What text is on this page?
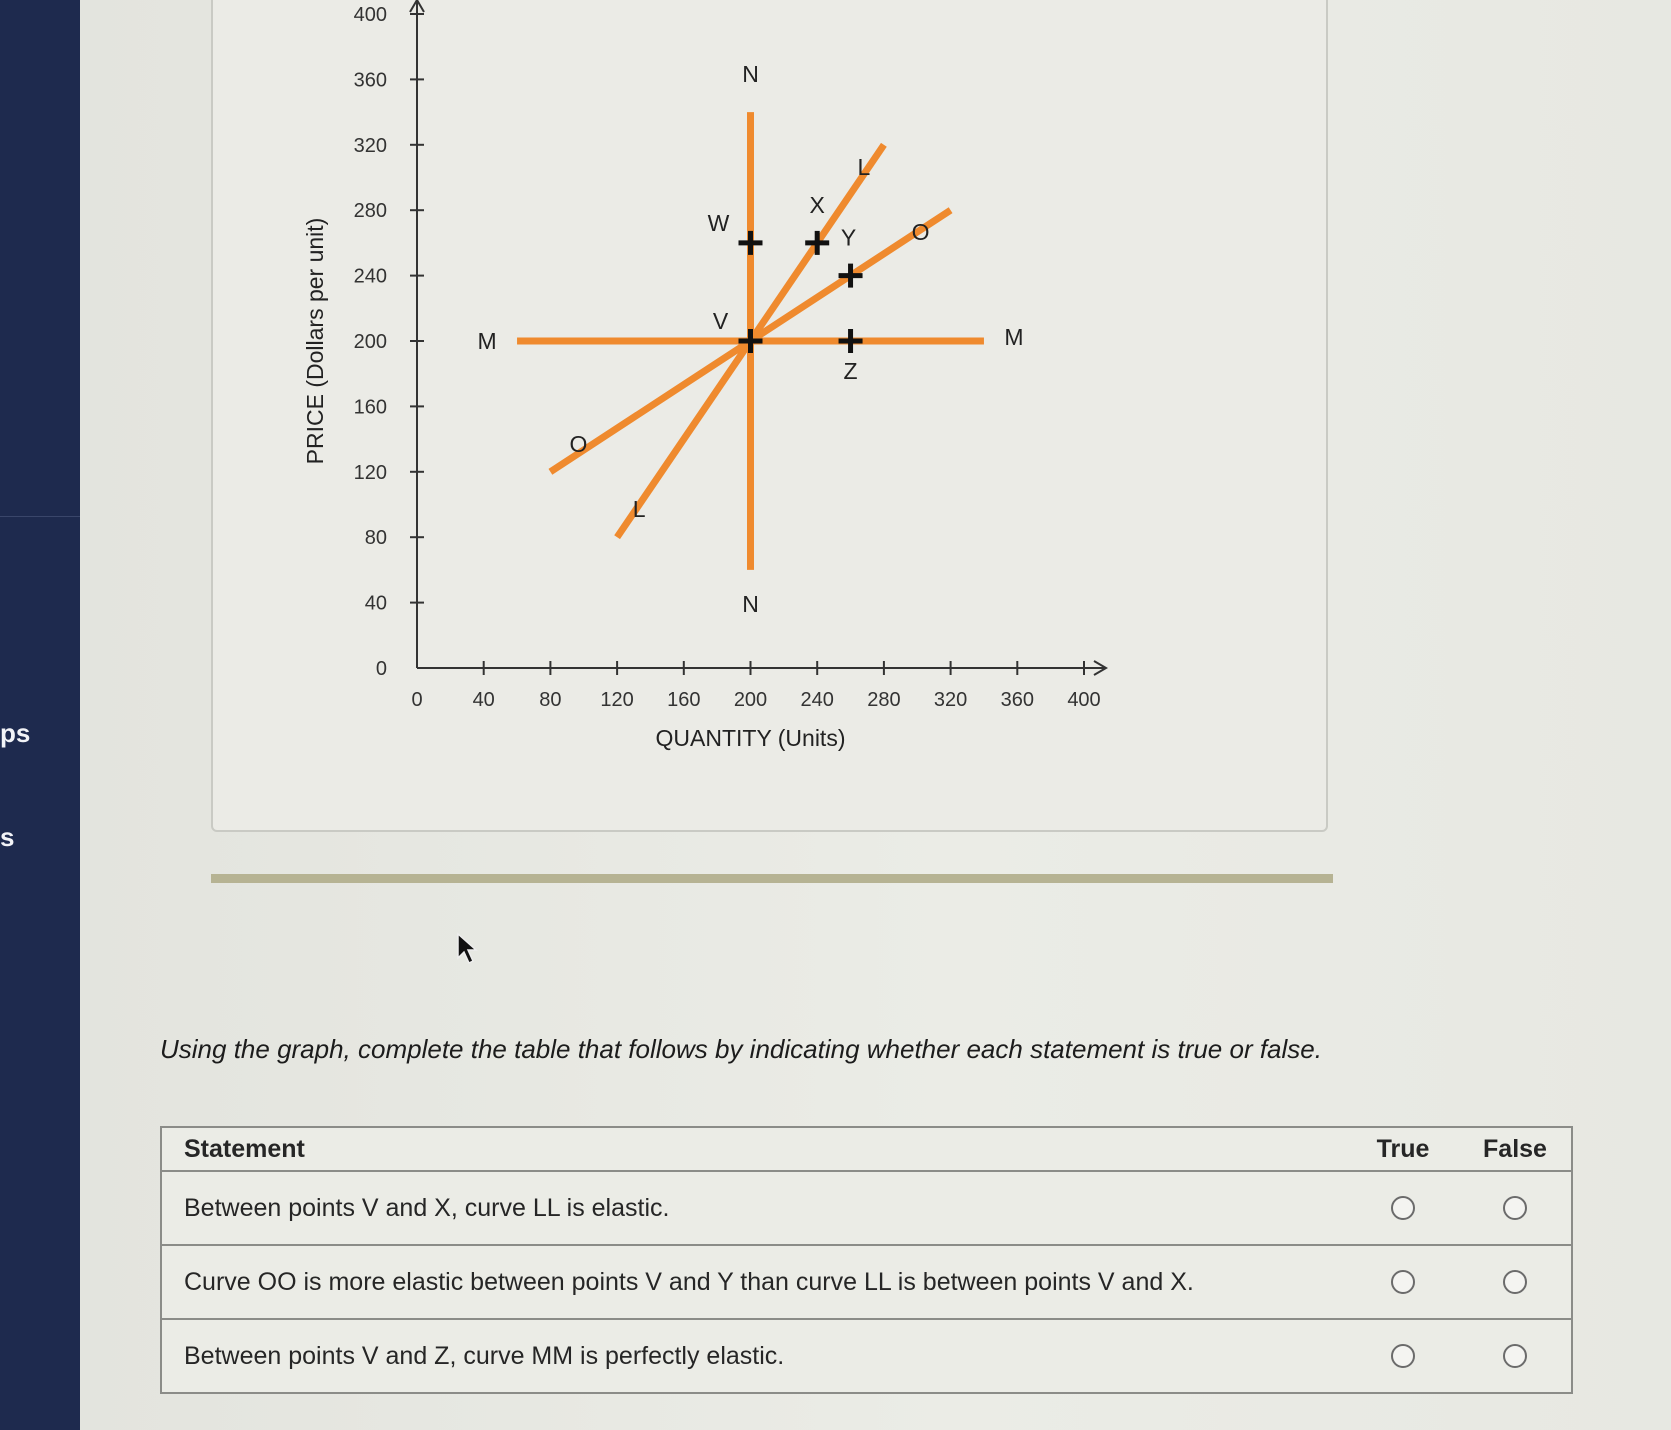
ps
s
0	40 80 120 160 200 240 280 320 360 400
0
40
80
120
160
200
240
280
320
360
400
QUANTITY (Units)
PRICE (Dollars per unit)	M	M
N
N
L
L
O
O
V
W
X
Y
Z
Using the graph, complete the table that follows by indicating whether each statement is true or false.
Statement	True	False
Between points V and X, curve LL is elastic.
Curve OO is more elastic between points V and Y than curve LL is between points V and X.
Between points V and Z, curve MM is perfectly elastic.
